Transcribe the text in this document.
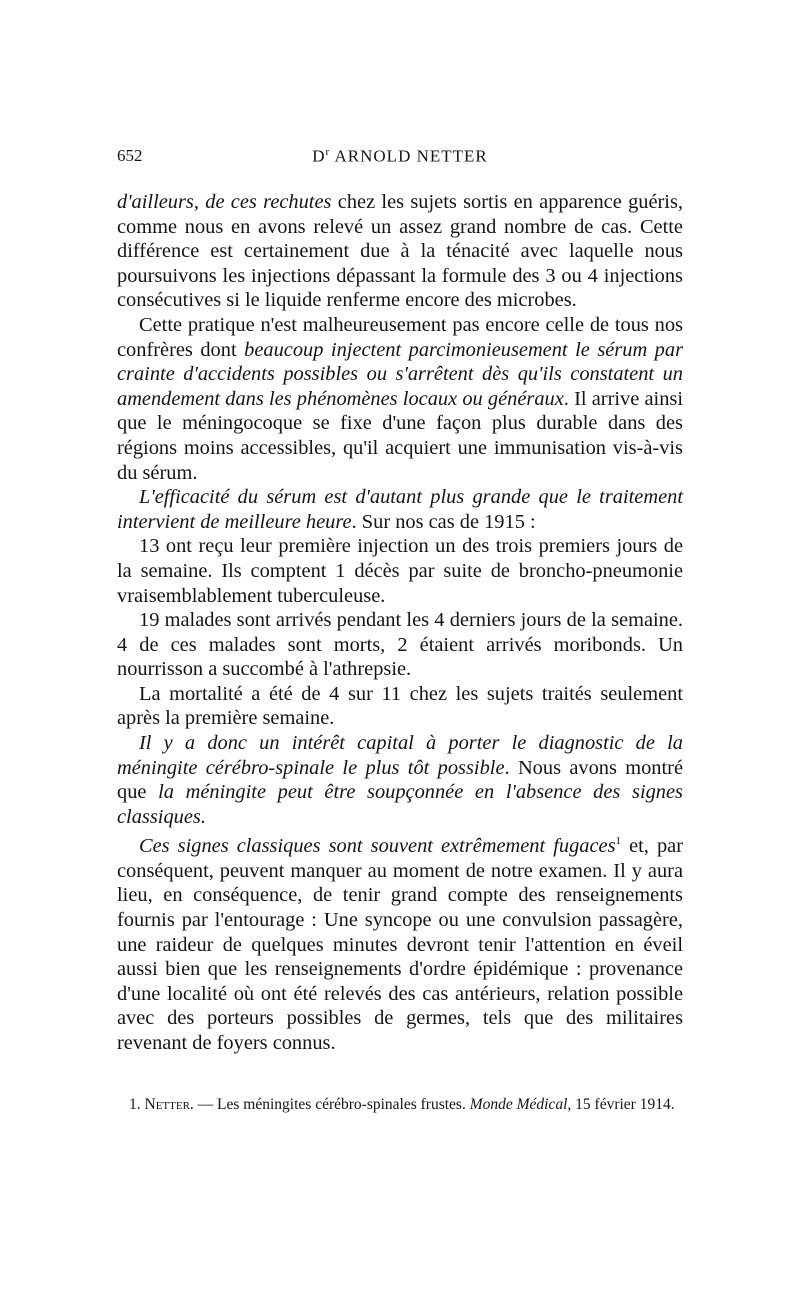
652	$D^r$ ARNOLD NETTER

d'ailleurs, de ces rechutes chez les sujets sortis en apparence guéris, comme nous en avons relevé un assez grand nombre de cas. Cette différence est certainement due à la ténacité avec laquelle nous poursuivons les injections dépassant la formule des 3 ou 4 injections consécutives si le liquide renferme encore des microbes.

Cette pratique n'est malheureusement pas encore celle de tous nos confrères dont beaucoup injectent parcimonieusement le sérum par crainte d'accidents possibles ou s'arrêtent dès qu'ils constatent un amendement dans les phénomènes locaux ou généraux. Il arrive ainsi que le méningocoque se fixe d'une façon plus durable dans des régions moins accessibles, qu'il acquiert une immunisation vis-à-vis du sérum.

L'efficacité du sérum est d'autant plus grande que le traitement intervient de meilleure heure. Sur nos cas de 1915 :

13 ont reçu leur première injection un des trois premiers jours de la semaine. Ils comptent 1 décès par suite de broncho-pneumonie vraisemblablement tuberculeuse.

19 malades sont arrivés pendant les 4 derniers jours de la semaine. 4 de ces malades sont morts, 2 étaient arrivés moribonds. Un nourrisson a succombé à l'athrepsie.

La mortalité a été de 4 sur 11 chez les sujets traités seulement après la première semaine.

Il y a donc un intérêt capital à porter le diagnostic de la méningite cérébro-spinale le plus tôt possible. Nous avons montré que la méningite peut être soupçonnée en l'absence des signes classiques.

Ces signes classiques sont souvent extrêmement fugaces$^1$ et, par conséquent, peuvent manquer au moment de notre examen. Il y aura lieu, en conséquence, de tenir grand compte des renseignements fournis par l'entourage : Une syncope ou une convulsion passagère, une raideur de quelques minutes devront tenir l'attention en éveil aussi bien que les renseignements d'ordre épidémique : provenance d'une localité où ont été relevés des cas antérieurs, relation possible avec des porteurs possibles de germes, tels que des militaires revenant de foyers connus.

1. Netter. — Les méningites cérébro-spinales frustes. Monde Médical, 15 février 1914.
